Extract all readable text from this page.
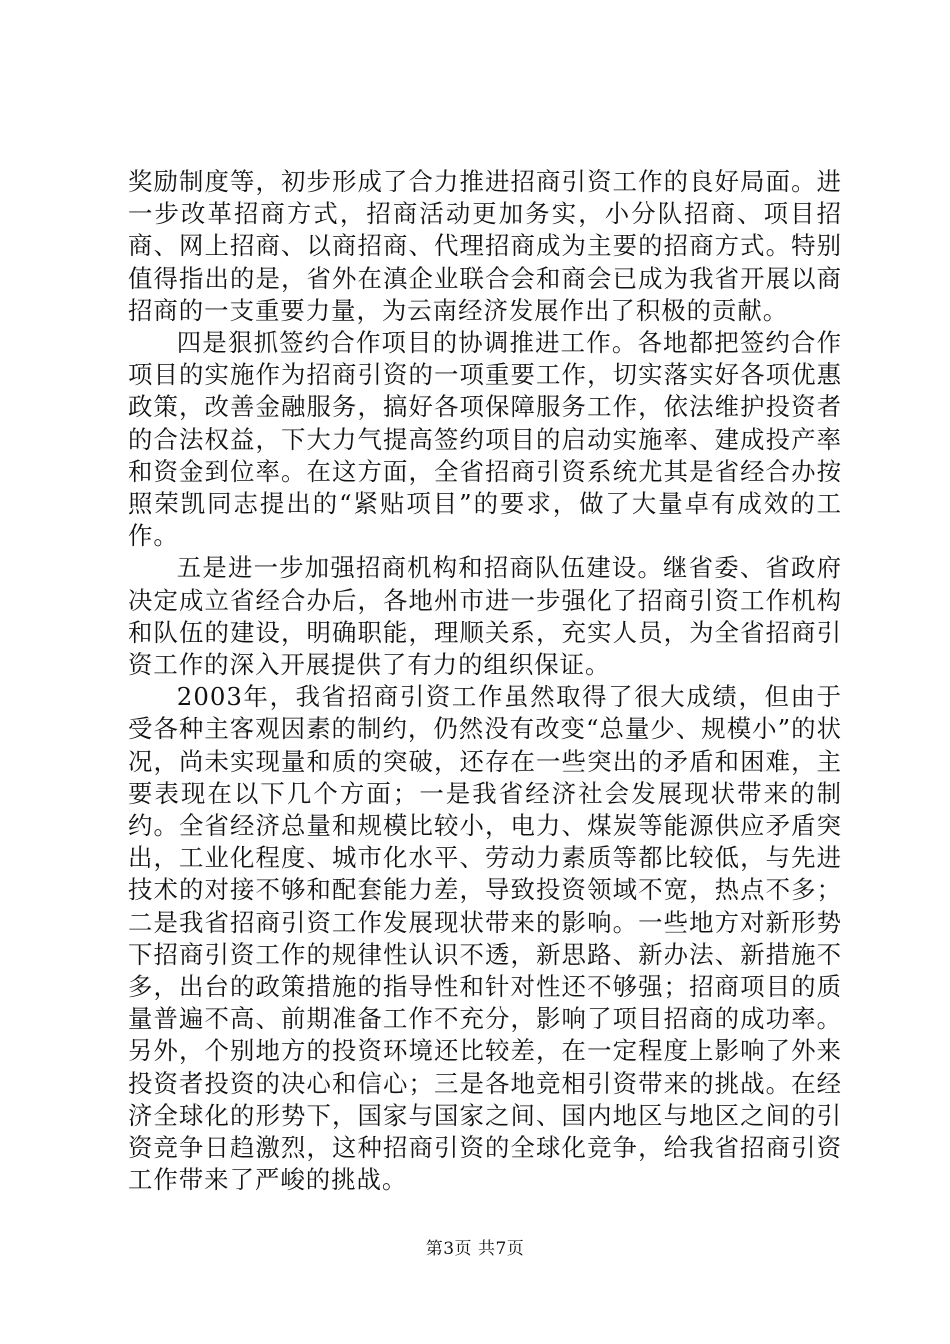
奖励制度等，初步形成了合力推进招商引资工作的良好局面。进一步改革招商方式，招商活动更加务实，小分队招商、项目招商、网上招商、以商招商、代理招商成为主要的招商方式。特别值得指出的是，省外在滇企业联合会和商会已成为我省开展以商招商的一支重要力量，为云南经济发展作出了积极的贡献。

四是狠抓签约合作项目的协调推进工作。各地都把签约合作项目的实施作为招商引资的一项重要工作，切实落实好各项优惠政策，改善金融服务，搞好各项保障服务工作，依法维护投资者的合法权益，下大力气提高签约项目的启动实施率、建成投产率和资金到位率。在这方面，全省招商引资系统尤其是省经合办按照荣凯同志提出的“紧贴项目”的要求，做了大量卓有成效的工作。

五是进一步加强招商机构和招商队伍建设。继省委、省政府决定成立省经合办后，各地州市进一步强化了招商引资工作机构和队伍的建设，明确职能，理顺关系，充实人员，为全省招商引资工作的深入开展提供了有力的组织保证。

2003年，我省招商引资工作虽然取得了很大成绩，但由于受各种主客观因素的制约，仍然没有改变“总量少、规模小”的状况，尚未实现量和质的突破，还存在一些突出的矛盾和困难，主要表现在以下几个方面；一是我省经济社会发展现状带来的制约。全省经济总量和规模比较小，电力、煤炭等能源供应矛盾突出，工业化程度、城市化水平、劳动力素质等都比较低，与先进技术的对接不够和配套能力差，导致投资领域不宽，热点不多；二是我省招商引资工作发展现状带来的影响。一些地方对新形势下招商引资工作的规律性认识不透，新思路、新办法、新措施不多，出台的政策措施的指导性和针对性还不够强；招商项目的质量普遍不高、前期准备工作不充分，影响了项目招商的成功率。另外，个别地方的投资环境还比较差，在一定程度上影响了外来投资者投资的决心和信心；三是各地竞相引资带来的挑战。在经济全球化的形势下，国家与国家之间、国内地区与地区之间的引资竞争日趋激烈，这种招商引资的全球化竞争，给我省招商引资工作带来了严峻的挑战。

第3页 共7页
